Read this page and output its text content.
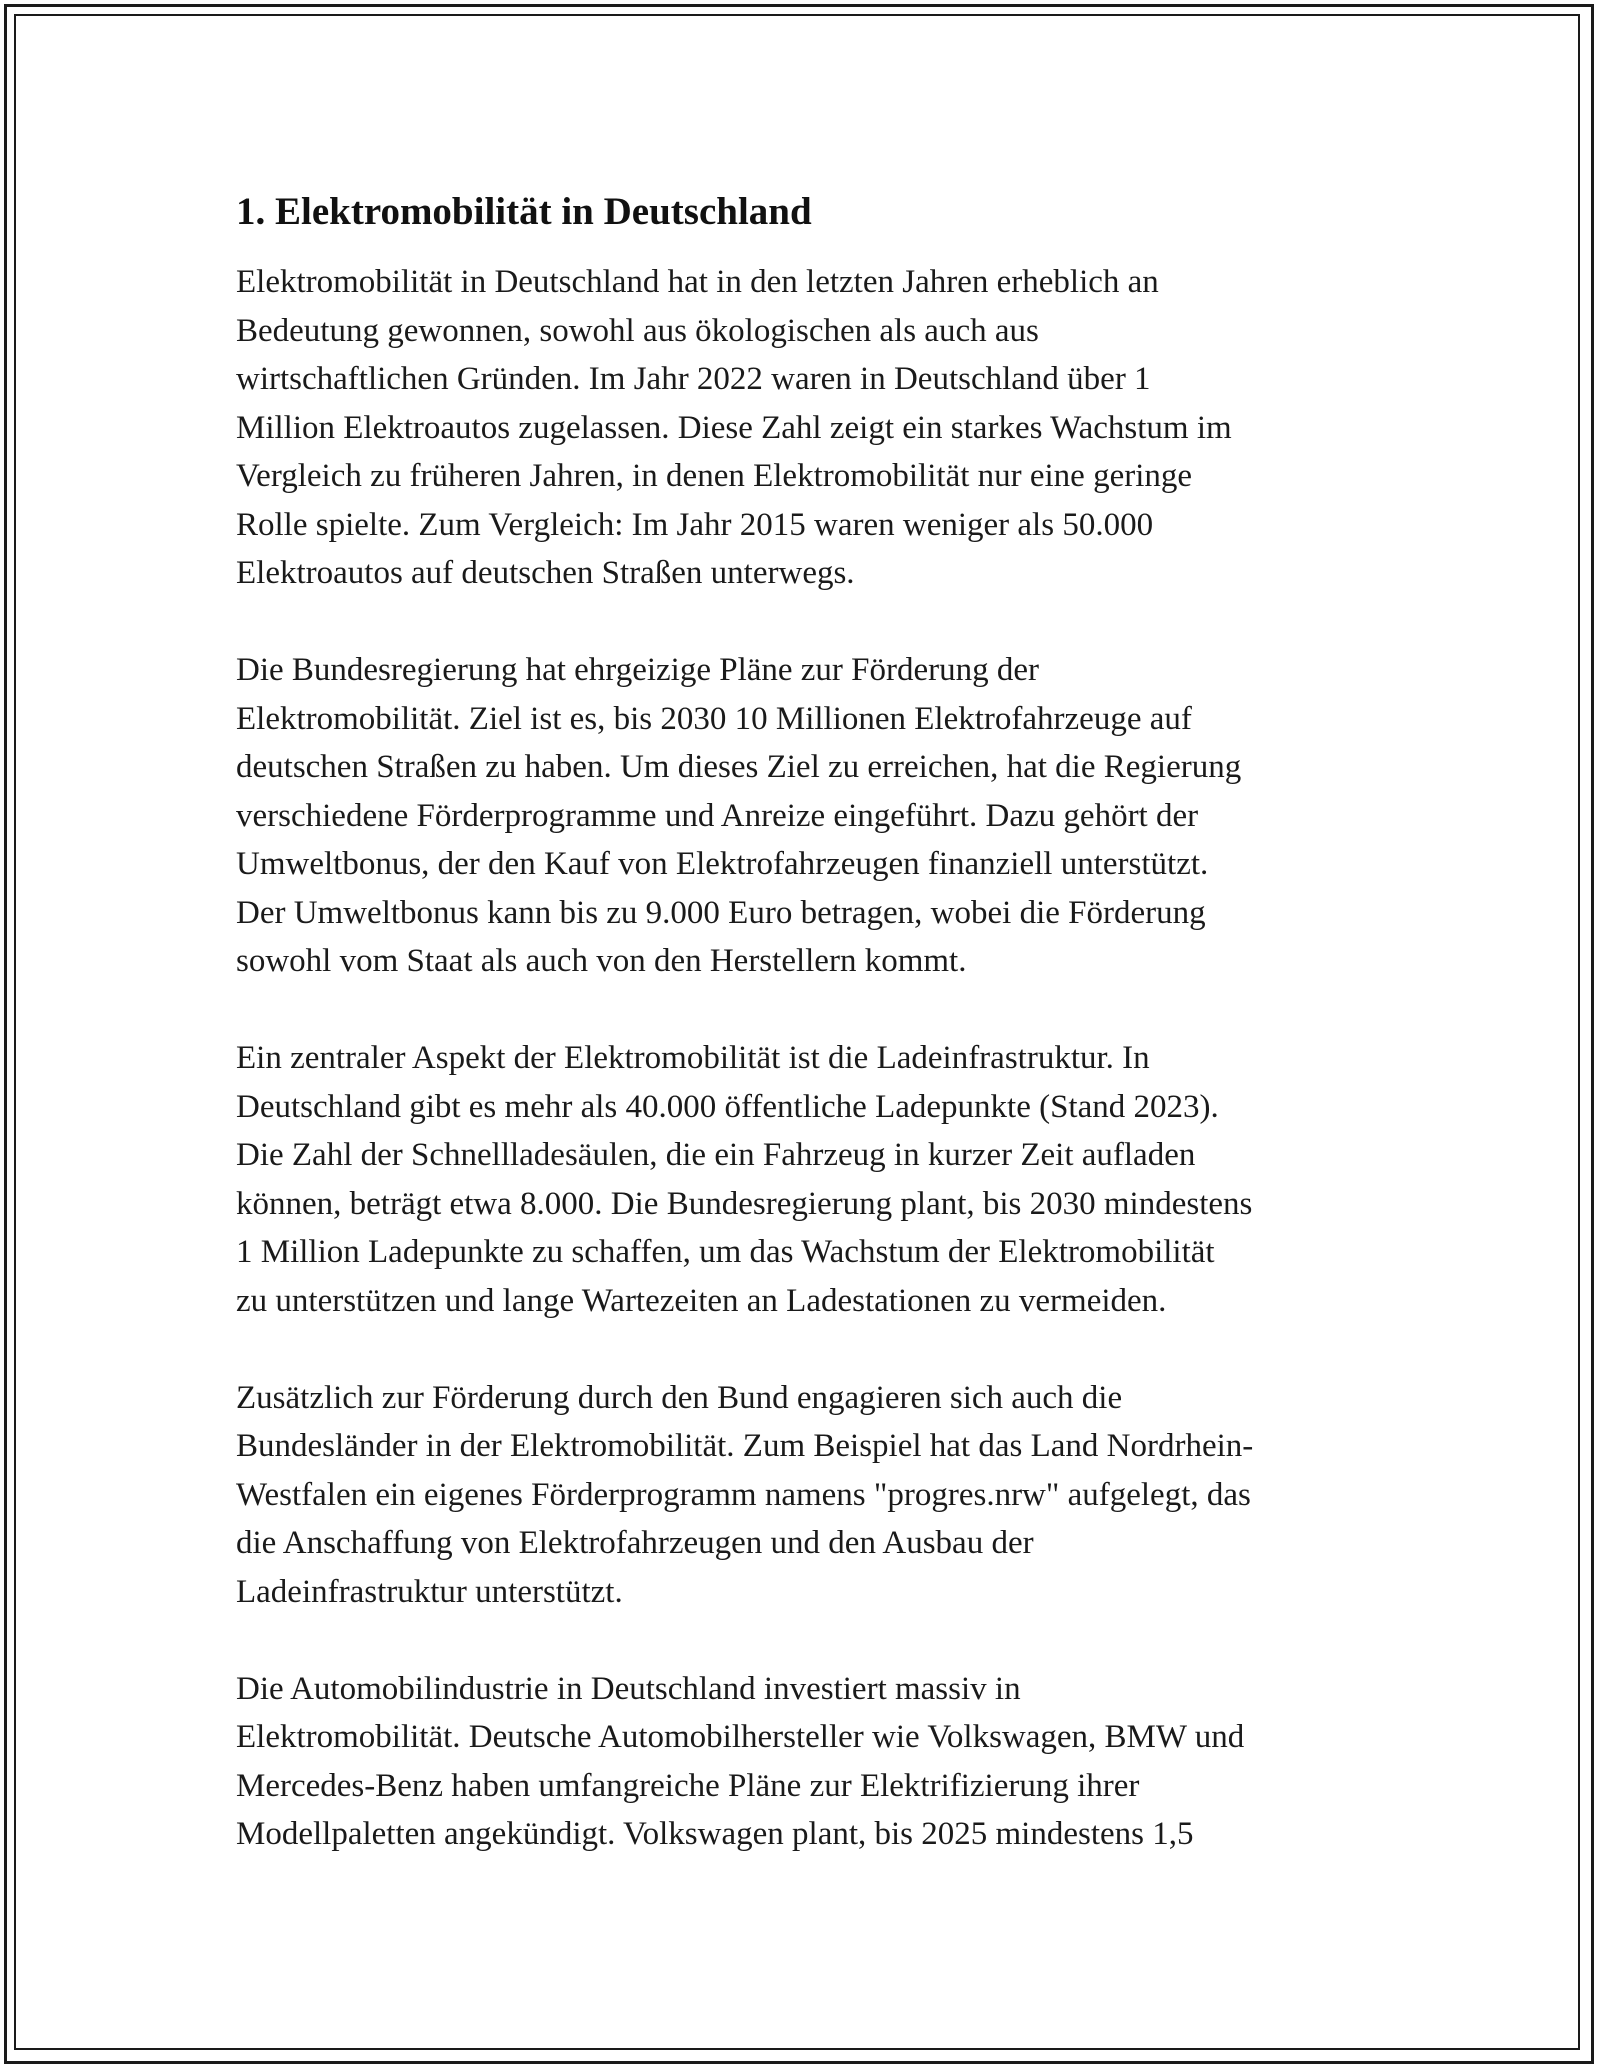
1. Elektromobilität in Deutschland

Elektromobilität in Deutschland hat in den letzten Jahren erheblich an
Bedeutung gewonnen, sowohl aus ökologischen als auch aus
wirtschaftlichen Gründen. Im Jahr 2022 waren in Deutschland über 1
Million Elektroautos zugelassen. Diese Zahl zeigt ein starkes Wachstum im
Vergleich zu früheren Jahren, in denen Elektromobilität nur eine geringe
Rolle spielte. Zum Vergleich: Im Jahr 2015 waren weniger als 50.000
Elektroautos auf deutschen Straßen unterwegs.

Die Bundesregierung hat ehrgeizige Pläne zur Förderung der
Elektromobilität. Ziel ist es, bis 2030 10 Millionen Elektrofahrzeuge auf
deutschen Straßen zu haben. Um dieses Ziel zu erreichen, hat die Regierung
verschiedene Förderprogramme und Anreize eingeführt. Dazu gehört der
Umweltbonus, der den Kauf von Elektrofahrzeugen finanziell unterstützt.
Der Umweltbonus kann bis zu 9.000 Euro betragen, wobei die Förderung
sowohl vom Staat als auch von den Herstellern kommt.

Ein zentraler Aspekt der Elektromobilität ist die Ladeinfrastruktur. In
Deutschland gibt es mehr als 40.000 öffentliche Ladepunkte (Stand 2023).
Die Zahl der Schnellladesäulen, die ein Fahrzeug in kurzer Zeit aufladen
können, beträgt etwa 8.000. Die Bundesregierung plant, bis 2030 mindestens
1 Million Ladepunkte zu schaffen, um das Wachstum der Elektromobilität
zu unterstützen und lange Wartezeiten an Ladestationen zu vermeiden.

Zusätzlich zur Förderung durch den Bund engagieren sich auch die
Bundesländer in der Elektromobilität. Zum Beispiel hat das Land Nordrhein-
Westfalen ein eigenes Förderprogramm namens "progres.nrw" aufgelegt, das
die Anschaffung von Elektrofahrzeugen und den Ausbau der
Ladeinfrastruktur unterstützt.

Die Automobilindustrie in Deutschland investiert massiv in
Elektromobilität. Deutsche Automobilhersteller wie Volkswagen, BMW und
Mercedes-Benz haben umfangreiche Pläne zur Elektrifizierung ihrer
Modellpaletten angekündigt. Volkswagen plant, bis 2025 mindestens 1,5
